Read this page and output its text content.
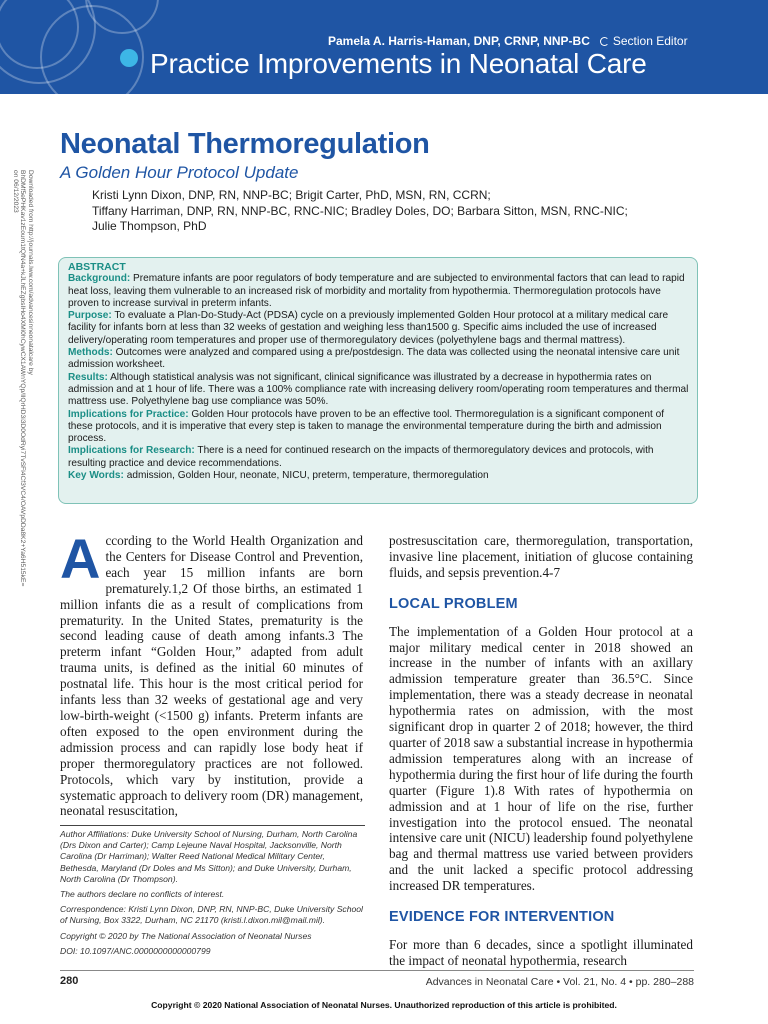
Pamela A. Harris-Haman, DNP, CRNP, NNP-BC Section Editor
Practice Improvements in Neonatal Care
Downloaded from http://journals.lww.com/advancesinneonatalcare by BhDMf5ePHKav1zEoum1tQfN4a+kJLhEZgbsIHo4XMi0hCywCX1AWnYQp/IlQrHD3i3D0OdRyi7TvSFl4Cf3VC4/OAVpDDa8K2+Ya6H515kE= on 06/12/2023
Neonatal Thermoregulation
A Golden Hour Protocol Update
Kristi Lynn Dixon, DNP, RN, NNP-BC; Brigit Carter, PhD, MSN, RN, CCRN;
Tiffany Harriman, DNP, RN, NNP-BC, RNC-NIC; Bradley Doles, DO; Barbara Sitton, MSN, RNC-NIC;
Julie Thompson, PhD
ABSTRACT

Background: Premature infants are poor regulators of body temperature and are subjected to environmental factors that can lead to rapid heat loss, leaving them vulnerable to an increased risk of morbidity and mortality from hypothermia. Thermoregulation protocols have proven to increase survival in preterm infants.

Purpose: To evaluate a Plan-Do-Study-Act (PDSA) cycle on a previously implemented Golden Hour protocol at a military medical care facility for infants born at less than 32 weeks of gestation and weighing less than1500 g. Specific aims included the use of increased delivery/operating room temperatures and proper use of thermoregulatory devices (polyethylene bags and thermal mattress).

Methods: Outcomes were analyzed and compared using a pre/postdesign. The data was collected using the neonatal intensive care unit admission worksheet.

Results: Although statistical analysis was not significant, clinical significance was illustrated by a decrease in hypothermia rates on admission and at 1 hour of life. There was a 100% compliance rate with increasing delivery room/operating room temperatures and thermal mattress use. Polyethylene bag use compliance was 50%.

Implications for Practice: Golden Hour protocols have proven to be an effective tool. Thermoregulation is a significant component of these protocols, and it is imperative that every step is taken to manage the environmental temperature during the birth and admission process.

Implications for Research: There is a need for continued research on the impacts of thermoregulatory devices and protocols, with resulting practice and device recommendations.

Key Words: admission, Golden Hour, neonate, NICU, preterm, temperature, thermoregulation

A ccording to the World Health Organization and the Centers for Disease Control and Prevention, each year 15 million infants are born prematurely.1,2 Of those births, an estimated 1 million infants die as a result of complications from prematurity. In the United States, prematurity is the second leading cause of death among infants.3 The preterm infant “Golden Hour,” adapted from adult trauma units, is defined as the initial 60 minutes of postnatal life. This hour is the most critical period for infants less than 32 weeks of gestational age and very low-birth-weight (<1500 g) infants. Preterm infants are often exposed to the open environment during the admission process and can rapidly lose body heat if proper thermoregulatory practices are not followed. Protocols, which vary by institution, provide a systematic approach to delivery room (DR) management, neonatal resuscitation,

postresuscitation care, thermoregulation, transportation, invasive line placement, initiation of glucose containing fluids, and sepsis prevention.4-7

LOCAL PROBLEM

The implementation of a Golden Hour protocol at a major military medical center in 2018 showed an increase in the number of infants with an axillary admission temperature greater than 36.5°C. Since implementation, there was a steady decrease in neonatal hypothermia rates on admission, with the most significant drop in quarter 2 of 2018; however, the third quarter of 2018 saw a substantial increase in hypothermia admission temperatures along with an increase of hypothermia during the first hour of life during the fourth quarter (Figure 1).8 With rates of hypothermia on admission and at 1 hour of life on the rise, further investigation into the protocol ensued. The neonatal intensive care unit (NICU) leadership found polyethylene bag and thermal mattress use varied between providers and the unit lacked a specific protocol addressing increased DR temperatures.

EVIDENCE FOR INTERVENTION

For more than 6 decades, since a spotlight illuminated the impact of neonatal hypothermia, research

Author Affiliations: Duke University School of Nursing, Durham, North Carolina (Drs Dixon and Carter); Camp Lejeune Naval Hospital, Jacksonville, North Carolina (Dr Harriman); Walter Reed National Medical Military Center, Bethesda, Maryland (Dr Doles and Ms Sitton); and Duke University, Durham, North Carolina (Dr Thompson).

The authors declare no conflicts of interest.

Correspondence: Kristi Lynn Dixon, DNP, RN, NNP-BC, Duke University School of Nursing, Box 3322, Durham, NC 21170 (kristi.l.dixon.mil@mail.mil).

Copyright © 2020 by The National Association of Neonatal Nurses

DOI: 10.1097/ANC.0000000000000799

280	Advances in Neonatal Care • Vol. 21, No. 4 • pp. 280–288
Copyright © 2020 National Association of Neonatal Nurses. Unauthorized reproduction of this article is prohibited.
